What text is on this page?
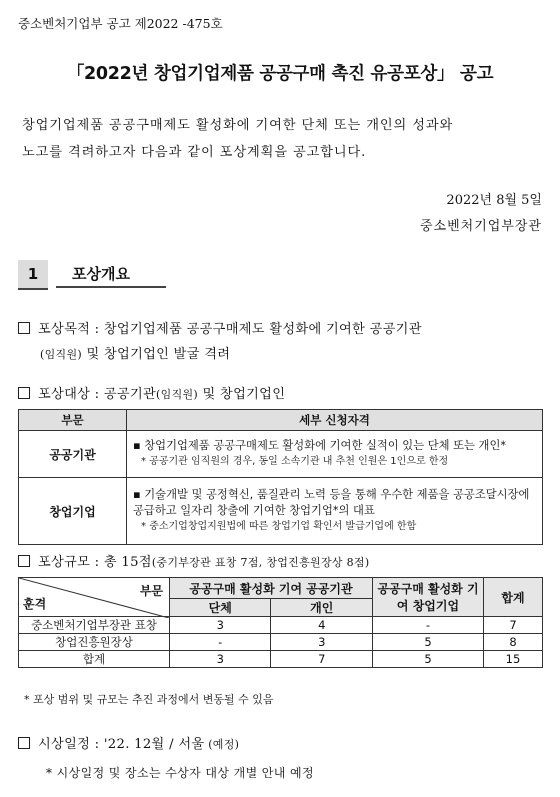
중소벤처기업부 공고 제2022 -475호
「2022년 창업기업제품 공공구매 촉진 유공포상」 공고
창업기업제품 공공구매제도 활성화에 기여한 단체 또는 개인의 성과와
노고를 격려하고자 다음과 같이 포상계획을 공고합니다.
2022년 8월 5일
중소벤처기업부장관
1	포상개요
포상목적 : 창업기업제품 공공구매제도 활성화에 기여한 공공기관
(임직원) 및 창업기업인 발굴 격려
포상대상 : 공공기관(임직원) 및 창업기업인
부문	세부 신청자격
공공기관	▪ 창업기업제품 공공구매제도 활성화에 기여한 실적이 있는 단체 또는 개인*
* 공공기관 임직원의 경우, 동일 소속기관 내 추천 인원은 1인으로 한정

창업기업	▪ 기술개발 및 공정혁신, 품질관리 노력 등을 통해 우수한 제품을 공공조달시장에 공급하고 일자리 창출에 기여한 창업기업*의 대표
* 중소기업창업지원법에 따른 창업기업 확인서 발급기업에 한함
포상규모 : 총 15점(중기부장관 표창 7점, 창업진흥원장상 8점)
부문
훈격	공공구매 활성화 기여 공공기관		공공구매 활성화 기여 창업기업	합계
	단체	개인		
중소벤처기업부장관 표창	3	4	-	7
창업진흥원장상	-	3	5	8
합계	3	7	5	15
* 포상 범위 및 규모는 추진 과정에서 변동될 수 있음
시상일정 : '22. 12월 / 서울 (예정)
* 시상일정 및 장소는 수상자 대상 개별 안내 예정
